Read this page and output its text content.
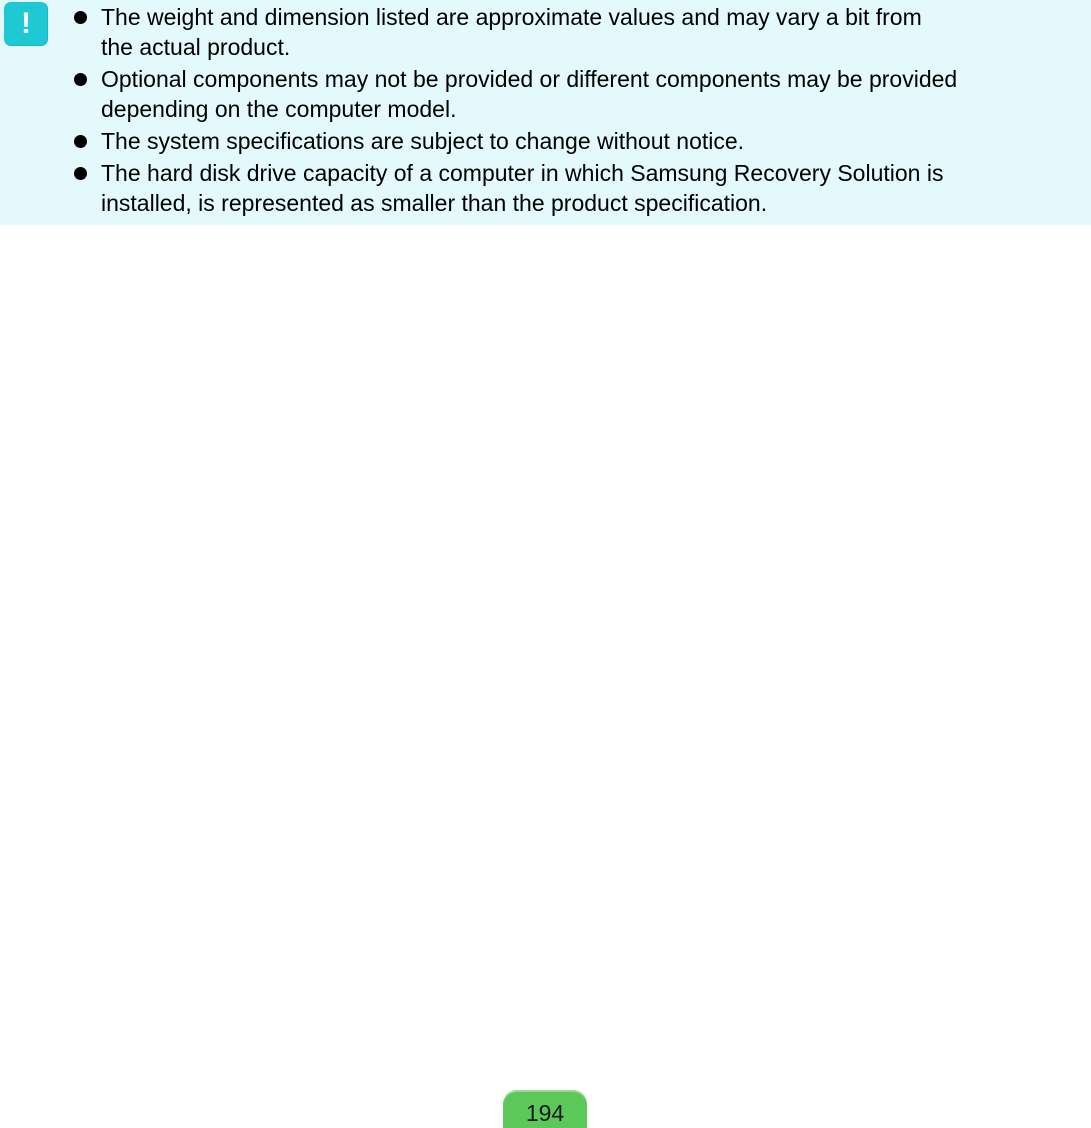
!	The weight and dimension listed are approximate values and may vary a bit from
the actual product.
Optional components may not be provided or different components may be provided
depending on the computer model.
The system specifications are subject to change without notice.
The hard disk drive capacity of a computer in which Samsung Recovery Solution is
installed, is represented as smaller than the product specification.
194
